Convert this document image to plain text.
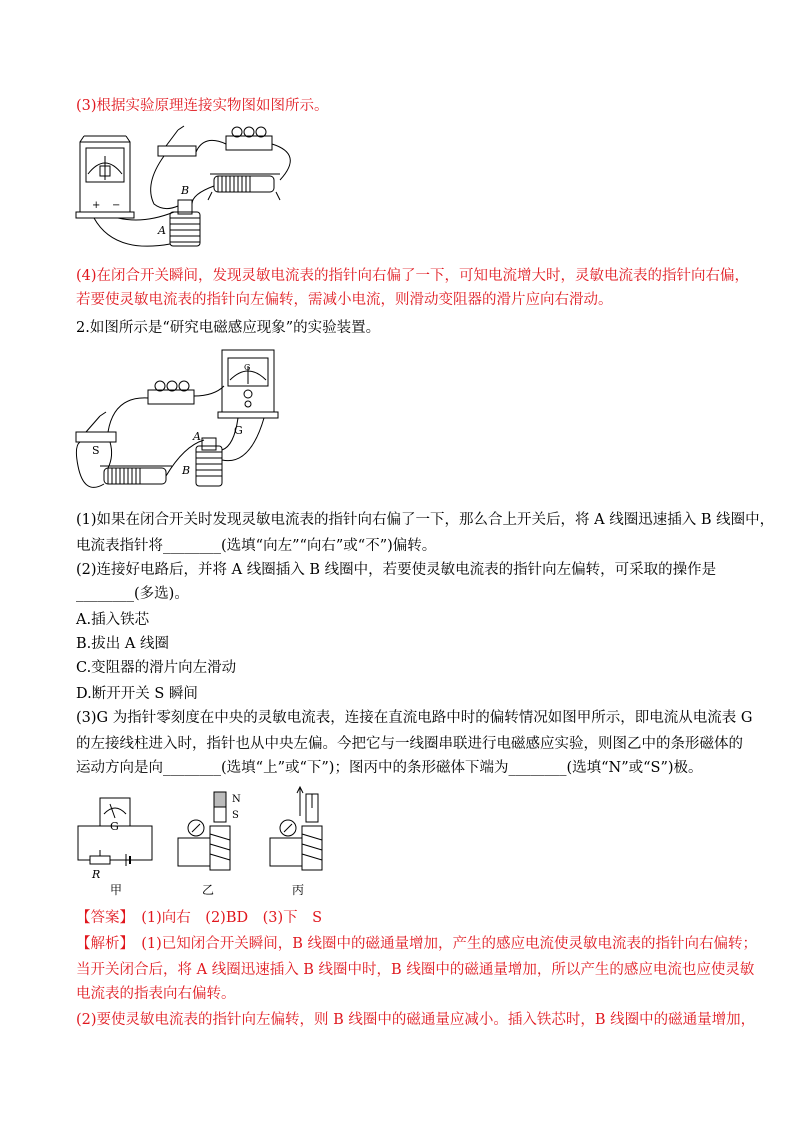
(3)根据实验原理连接实物图如图所示。
B
A
+ −
(4)在闭合开关瞬间，发现灵敏电流表的指针向右偏了一下，可知电流增大时，灵敏电流表的指针向右偏，
若要使灵敏电流表的指针向左偏转，需减小电流，则滑动变阻器的滑片应向右滑动。
2.如图所示是“研究电磁感应现象”的实验装置。
A
B
G
S
G
(1)如果在闭合开关时发现灵敏电流表的指针向右偏了一下，那么合上开关后，将 A 线圈迅速插入 B 线圈中，
电流表指针将________(选填“向左”“向右”或“不”)偏转。
(2)连接好电路后，并将 A 线圈插入 B 线圈中，若要使灵敏电流表的指针向左偏转，可采取的操作是
________(多选)。
A.插入铁芯
B.拔出 A 线圈
C.变阻器的滑片向左滑动
D.断开开关 S 瞬间
(3)G 为指针零刻度在中央的灵敏电流表，连接在直流电路中时的偏转情况如图甲所示，即电流从电流表 G
的左接线柱进入时，指针也从中央左偏。今把它与一线圈串联进行电磁感应实验，则图乙中的条形磁体的
运动方向是向________(选填“上”或“下”)；图丙中的条形磁体下端为________(选填“N”或“S”)极。
G
R
N
S
甲	乙	丙
【答案】　(1)向右　(2)BD　(3)下　S
【解析】　(1)已知闭合开关瞬间，B 线圈中的磁通量增加，产生的感应电流使灵敏电流表的指针向右偏转；
当开关闭合后，将 A 线圈迅速插入 B 线圈中时，B 线圈中的磁通量增加，所以产生的感应电流也应使灵敏
电流表的指表向右偏转。
(2)要使灵敏电流表的指针向左偏转，则 B 线圈中的磁通量应减小。插入铁芯时，B 线圈中的磁通量增加，
